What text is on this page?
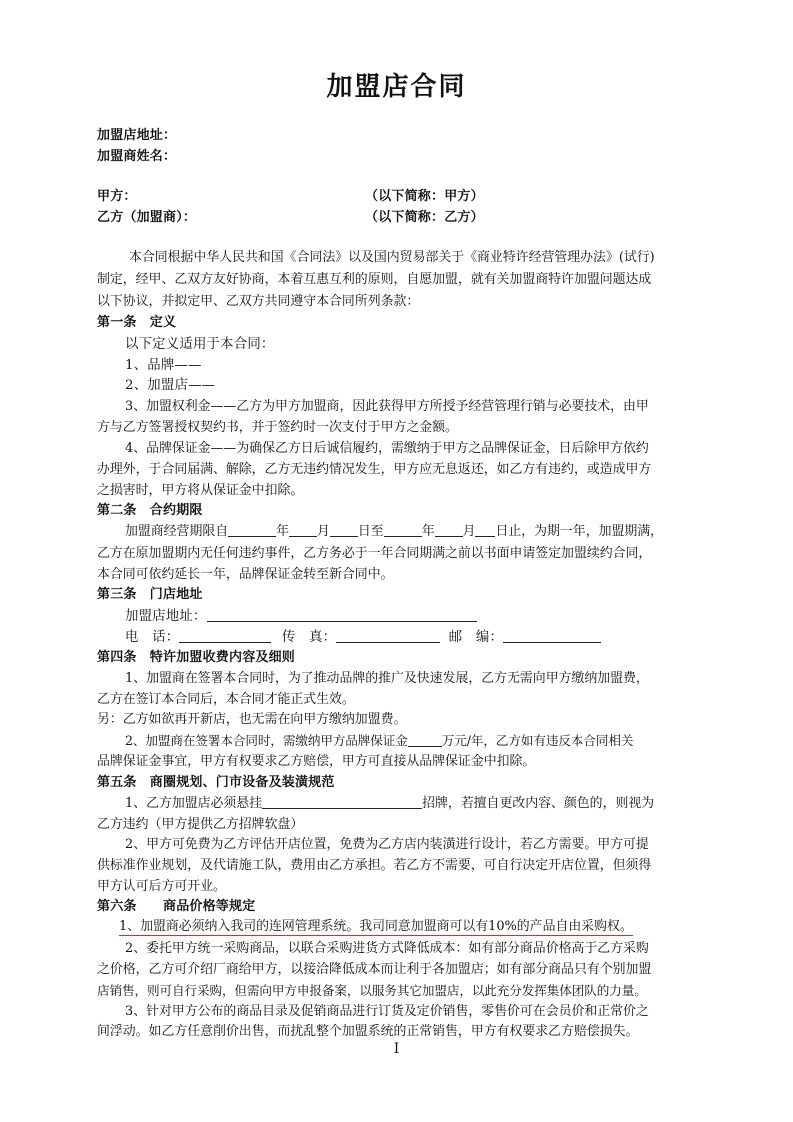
加盟店合同
加盟店地址：
加盟商姓名：
甲方：	（以下简称：甲方）
乙方（加盟商）：	（以下简称：乙方）
本合同根据中华人民共和国《合同法》以及国内贸易部关于《商业特许经营管理办法》(试行)
制定，经甲、乙双方友好协商，本着互惠互利的原则，自愿加盟，就有关加盟商特许加盟问题达成
以下协议，并拟定甲、乙双方共同遵守本合同所列条款：
第一条　定义
以下定义适用于本合同：
1、品牌——
2、加盟店——
3、加盟权利金——乙方为甲方加盟商，因此获得甲方所授予经营管理行销与必要技术，由甲
方与乙方签署授权契约书，并于签约时一次支付于甲方之金额。
4、品牌保证金——为确保乙方日后诚信履约，需缴纳于甲方之品牌保证金，日后除甲方依约
办理外，于合同届满、解除，乙方无违约情况发生，甲方应无息返还，如乙方有违约，或造成甲方
之损害时，甲方将从保证金中扣除。
第二条　合约期限
加盟商经营期限自	年 月 日至	年 月 日止，为期一年，加盟期满，
乙方在原加盟期内无任何违约事件，乙方务必于一年合同期满之前以书面申请签定加盟续约合同，
本合同可依约延长一年，品牌保证金转至新合同中。
第三条　门店地址
加盟店地址：
电　话：	传　真：	邮　编：
第四条　特许加盟收费内容及细则
1、加盟商在签署本合同时，为了推动品牌的推广及快速发展，乙方无需向甲方缴纳加盟费，
乙方在签订本合同后，本合同才能正式生效。
另：乙方如欲再开新店，也无需在向甲方缴纳加盟费。
2、加盟商在签署本合同时，需缴纳甲方品牌保证金	万元/年，乙方如有违反本合同相关
品牌保证金事宜，甲方有权要求乙方赔偿，甲方可直接从品牌保证金中扣除。
第五条　商圈规划、门市设备及装潢规范
1、乙方加盟店必须悬挂	招牌，若擅自更改内容、颜色的，则视为
乙方违约（甲方提供乙方招牌软盘）
2、甲方可免费为乙方评估开店位置，免费为乙方店内装潢进行设计，若乙方需要。甲方可提
供标准作业规划，及代请施工队，费用由乙方承担。若乙方不需要，可自行决定开店位置，但须得
甲方认可后方可开业。
第六条　　商品价格等规定
1、加盟商必须纳入我司的连网管理系统。我司同意加盟商可以有10%的产品自由采购权。
2、委托甲方统一采购商品，以联合采购进货方式降低成本：如有部分商品价格高于乙方采购
之价格，乙方可介绍厂商给甲方，以接洽降低成本而让利于各加盟店；如有部分商品只有个别加盟
店销售，则可自行采购，但需向甲方申报备案，以服务其它加盟店，以此充分发挥集体团队的力量。
3、针对甲方公布的商品目录及促销商品进行订货及定价销售，零售价可在会员价和正常价之
间浮动。如乙方任意削价出售，而扰乱整个加盟系统的正常销售，甲方有权要求乙方赔偿损失。
I
